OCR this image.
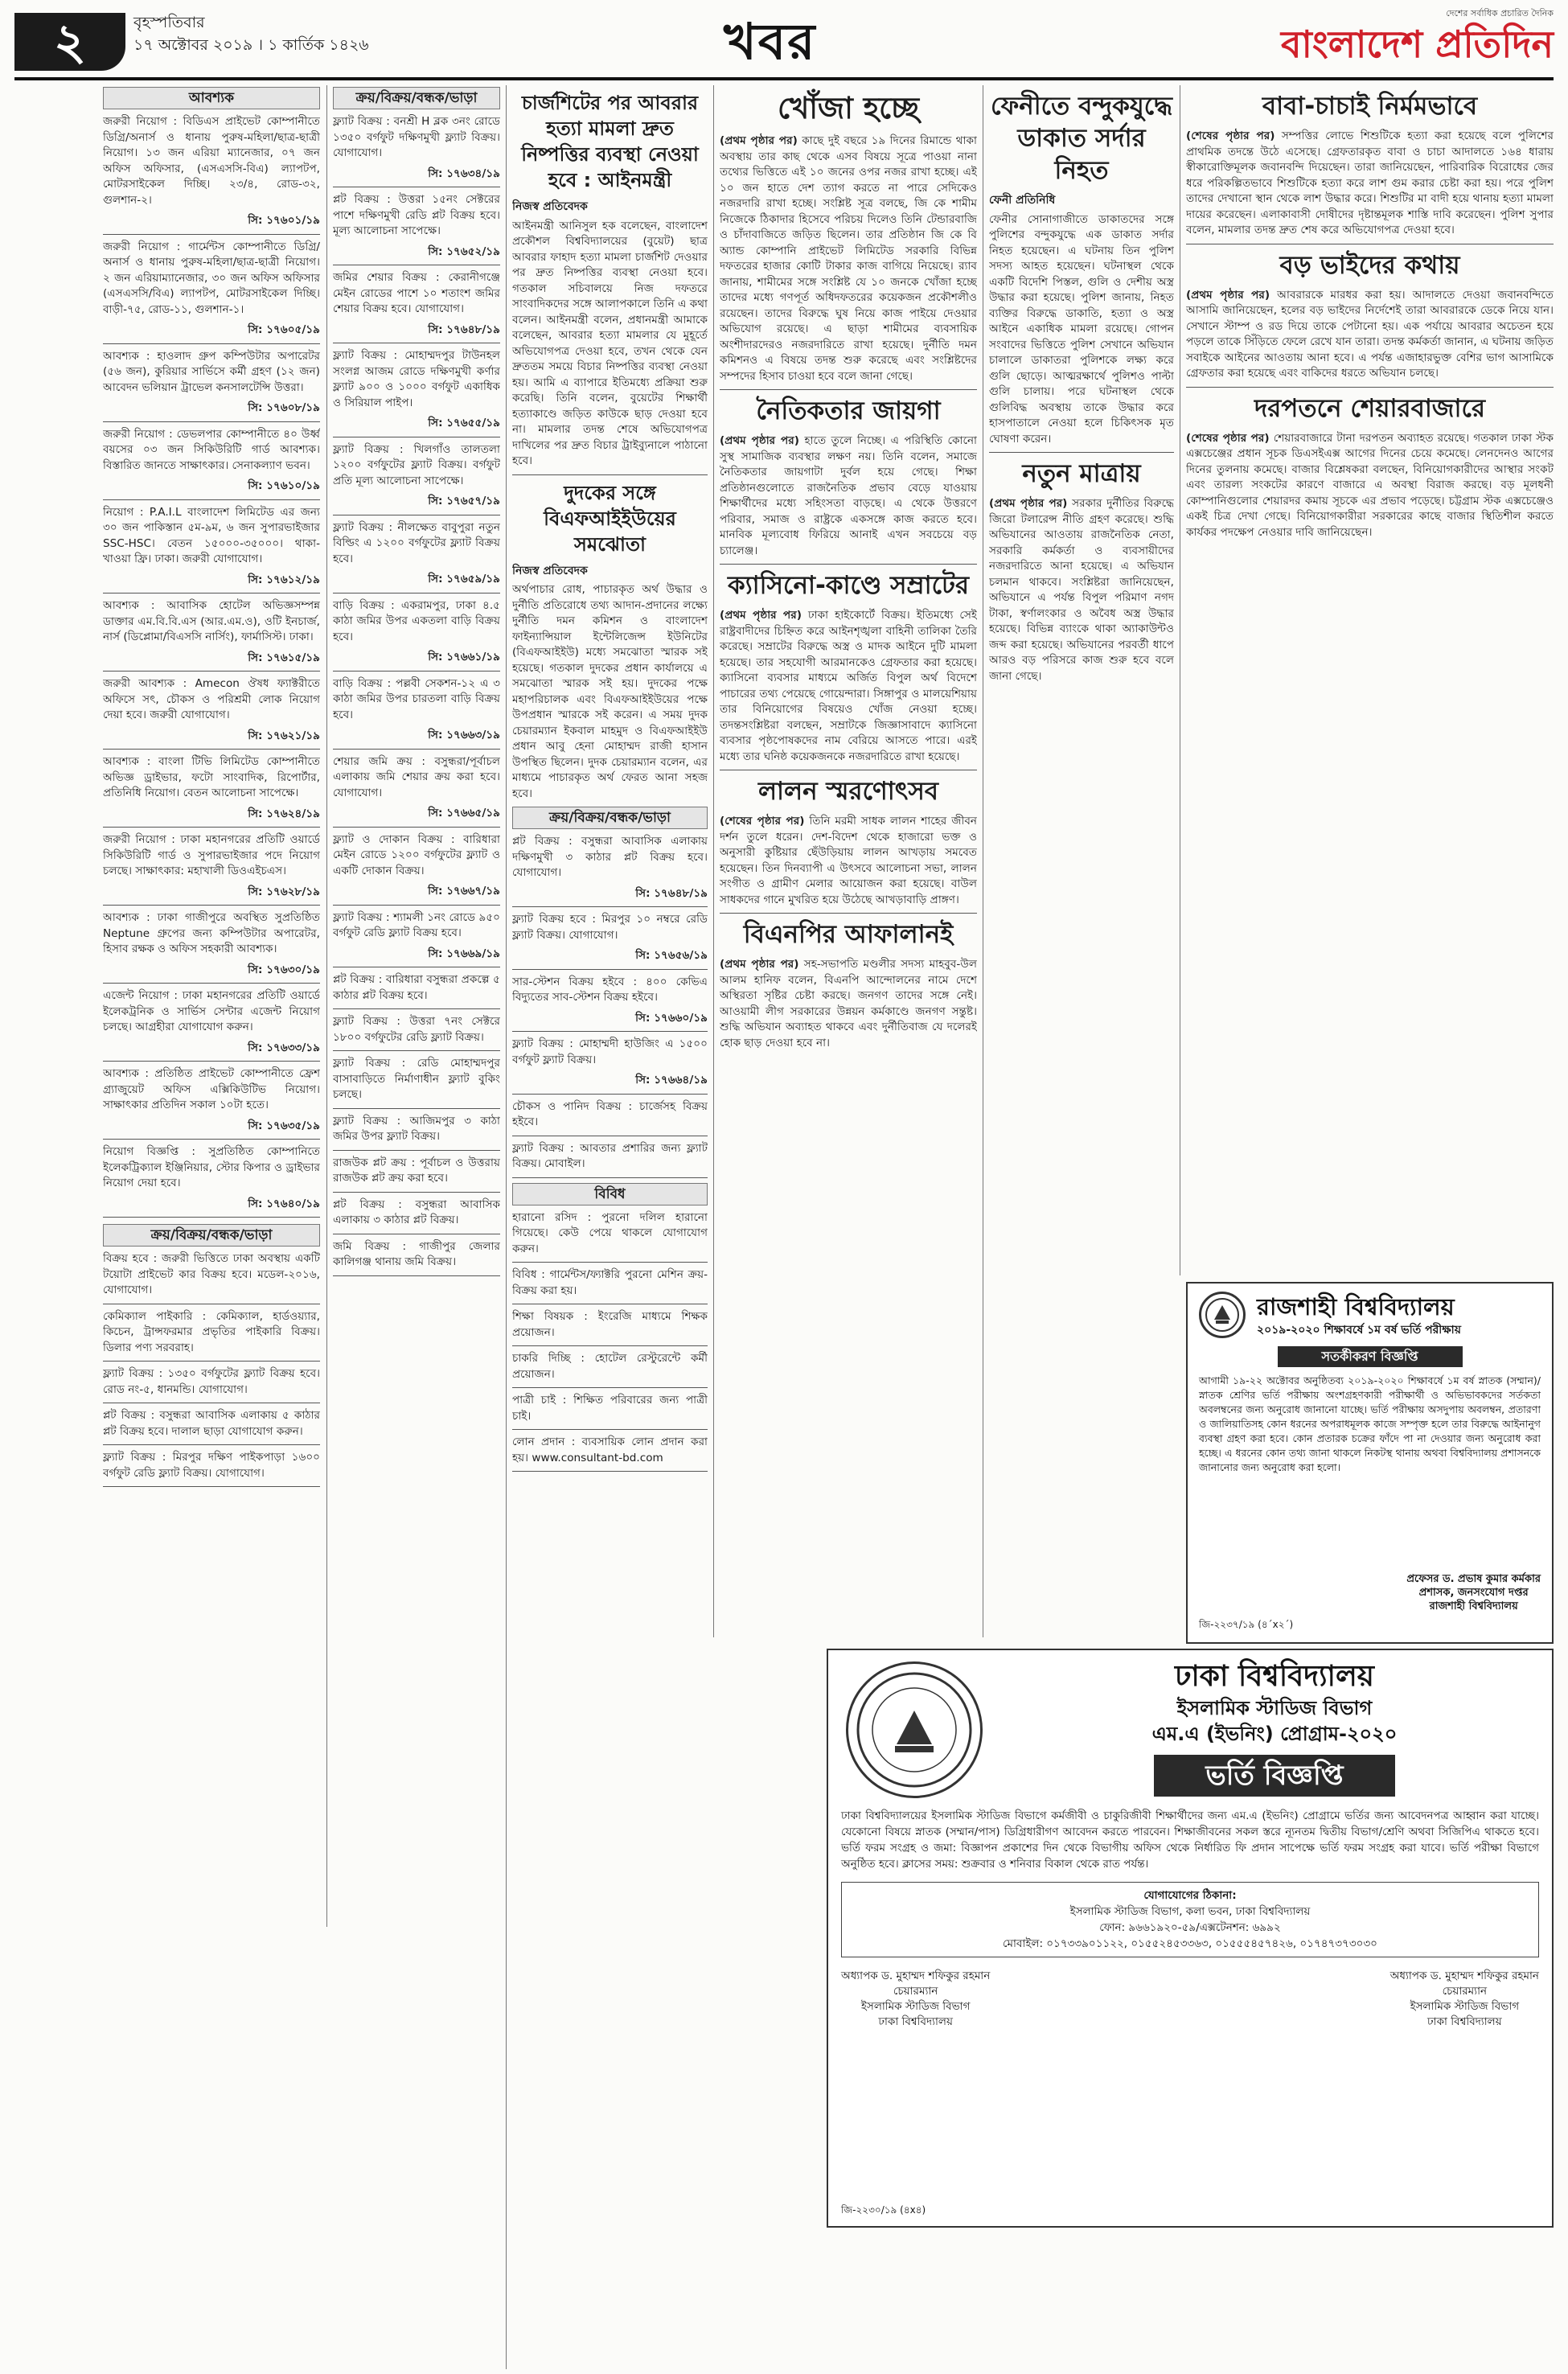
২	বৃহস্পতিবার
১৭ অক্টোবর ২০১৯ । ১ কার্তিক ১৪২৬	খবর	দেশের সর্বাধিক প্রচারিত দৈনিক
বাংলাদেশ প্রতিদিন
আবশ্যক

জরুরী নিয়োগ : বিডিএস প্রাইভেট কোম্পানীতে ডিগ্রি/অনার্স ও ধানায় পুরুষ-মহিলা/ছাত্র-ছাত্রী নিয়োগ। ১৩ জন এরিয়া ম্যানেজার, ০৭ জন অফিস অফিসার, (এসএসসি-বিএ) ল্যাপটপ, মোটরসাইকেল দিচ্ছি। ২৩/৪, রোড-৩২, গুলশান-২।

সি: ১৭৬০১/১৯

জরুরী নিয়োগ : গার্মেন্টস কোম্পানীতে ডিগ্রি/অনার্স ও ধানায় পুরুষ-মহিলা/ছাত্র-ছাত্রী নিয়োগ। ২ জন এরিয়াম্যানেজার, ৩০ জন অফিস অফিসার (এসএসসি/বিএ) ল্যাপটপ, মোটরসাইকেল দিচ্ছি। বাড়ী-৭৫, রোড-১১, গুলশান-১।

সি: ১৭৬০৫/১৯

আবশ্যক : হাওলাদ গ্রুপ কম্পিউটার অপারেটর (৫৬ জন), কুরিয়ার সার্ভিসে কর্মী গ্রহণ (১২ জন) আবেদন ভলিয়ান ট্রাভেল কনসালটেন্সি উত্তরা।

সি: ১৭৬০৮/১৯

জরুরী নিয়োগ : ডেভলপার কোম্পানীতে ৪০ উর্ধ্ব বয়সের ০৩ জন সিকিউরিটি গার্ড আবশ্যক। বিস্তারিত জানতে সাক্ষাৎকার। সেনাকল্যাণ ভবন।

সি: ১৭৬১০/১৯

নিয়োগ : P.A.I.L বাংলাদেশ লিমিটেড এর জন্য ৩০ জন পাকিস্তান ৫ম-৯ম, ৬ জন সুপারভাইজার SSC-HSC। বেতন ১৫০০০-৩৫০০০। থাকা-খাওয়া ফ্রি। ঢাকা। জরুরী যোগাযোগ।

সি: ১৭৬১২/১৯

আবশ্যক : আবাসিক হোটেল অভিজ্ঞসম্পন্ন ডাক্তার এম.বি.বি.এস (আর.এম.ও), ওটি ইনচার্জ, নার্স (ডিপ্লোমা/বিএসসি নার্সিং), ফার্মাসিস্ট। ঢাকা।

সি: ১৭৬১৫/১৯

জরুরী আবশ্যক : Amecon ঔষধ ফ্যাক্টরীতে অফিসে সৎ, চৌকস ও পরিশ্রমী লোক নিয়োগ দেয়া হবে। জরুরী যোগাযোগ।

সি: ১৭৬২১/১৯

আবশ্যক : বাংলা টিভি লিমিটেড কোম্পানীতে অভিজ্ঞ ড্রাইভার, ফটো সাংবাদিক, রিপোর্টার, প্রতিনিধি নিয়োগ। বেতন আলোচনা সাপেক্ষে।

সি: ১৭৬২৪/১৯

জরুরী নিয়োগ : ঢাকা মহানগরের প্রতিটি ওয়ার্ডে সিকিউরিটি গার্ড ও সুপারভাইজার পদে নিয়োগ চলছে। সাক্ষাৎকার: মহাখালী ডিওএইচএস।

সি: ১৭৬২৮/১৯

আবশ্যক : ঢাকা গাজীপুরে অবস্থিত সুপ্রতিষ্ঠিত Neptune গ্রুপের জন্য কম্পিউটার অপারেটর, হিসাব রক্ষক ও অফিস সহকারী আবশ্যক।

সি: ১৭৬৩০/১৯

এজেন্ট নিয়োগ : ঢাকা মহানগরের প্রতিটি ওয়ার্ডে ইলেকট্রনিক ও সার্ভিস সেন্টার এজেন্ট নিয়োগ চলছে। আগ্রহীরা যোগাযোগ করুন।

সি: ১৭৬৩৩/১৯

আবশ্যক : প্রতিষ্ঠিত প্রাইভেট কোম্পানীতে ফ্রেশ গ্র্যাজুয়েট অফিস এক্সিকিউটিভ নিয়োগ। সাক্ষাৎকার প্রতিদিন সকাল ১০টা হতে।

সি: ১৭৬৩৫/১৯

নিয়োগ বিজ্ঞপ্তি : সুপ্রতিষ্ঠিত কোম্পানিতে ইলেকট্রিক্যাল ইঞ্জিনিয়ার, স্টোর কিপার ও ড্রাইভার নিয়োগ দেয়া হবে।

সি: ১৭৬৪০/১৯
ক্রয়/বিক্রয়/বন্ধক/ভাড়া

বিক্রয় হবে : জরুরী ভিত্তিতে ঢাকা অবস্থায় একটি টয়োটা প্রাইভেট কার বিক্রয় হবে। মডেল-২০১৬, যোগাযোগ।

কেমিক্যাল পাইকারি : কেমিক্যাল, হার্ডওয়্যার, কিচেন, ট্রান্সফরমার প্রভৃতির পাইকারি বিক্রয়। ডিলার পণ্য সরবরাহ।

ফ্ল্যাট বিক্রয় : ১৩৫০ বর্গফুটের ফ্ল্যাট বিক্রয় হবে। রোড নং-৫, ধানমন্ডি। যোগাযোগ।

প্লট বিক্রয় : বসুন্ধরা আবাসিক এলাকায় ৫ কাঠার প্লট বিক্রয় হবে। দালাল ছাড়া যোগাযোগ করুন।

ফ্ল্যাট বিক্রয় : মিরপুর দক্ষিণ পাইকপাড়া ১৬০০ বর্গফুট রেডি ফ্ল্যাট বিক্রয়। যোগাযোগ।

ক্রয়/বিক্রয়/বন্ধক/ভাড়া

ফ্ল্যাট বিক্রয় : বনশ্রী H ব্লক ৩নং রোডে ১৩৫০ বর্গফুট দক্ষিণমুখী ফ্ল্যাট বিক্রয়। যোগাযোগ।

সি: ১৭৬৩৪/১৯

প্লট বিক্রয় : উত্তরা ১৫নং সেক্টরের পাশে দক্ষিণমুখী রেডি প্লট বিক্রয় হবে। মূল্য আলোচনা সাপেক্ষে।

সি: ১৭৬৫২/১৯

জমির শেয়ার বিক্রয় : কেরানীগঞ্জে মেইন রোডের পাশে ১০ শতাংশ জমির শেয়ার বিক্রয় হবে। যোগাযোগ।

সি: ১৭৬৪৮/১৯

ফ্ল্যাট বিক্রয় : মোহাম্মদপুর টাউনহল সংলগ্ন আজম রোডে দক্ষিণমুখী কর্ণার ফ্ল্যাট ৯০০ ও ১০০০ বর্গফুট একাধিক ও সিরিয়াল পাইপ।

সি: ১৭৬৫৫/১৯

ফ্ল্যাট বিক্রয় : খিলগাঁও তালতলা ১২০০ বর্গফুটের ফ্ল্যাট বিক্রয়। বর্গফুট প্রতি মূল্য আলোচনা সাপেক্ষে।

সি: ১৭৬৫৭/১৯

ফ্ল্যাট বিক্রয় : নীলক্ষেত বাবুপুরা নতুন বিল্ডিং এ ১২০০ বর্গফুটের ফ্ল্যাট বিক্রয় হবে।

সি: ১৭৬৫৯/১৯

বাড়ি বিক্রয় : একরামপুর, ঢাকা ৪.৫ কাঠা জমির উপর একতলা বাড়ি বিক্রয় হবে।

সি: ১৭৬৬১/১৯

বাড়ি বিক্রয় : পল্লবী সেকশন-১২ এ ৩ কাঠা জমির উপর চারতলা বাড়ি বিক্রয় হবে।

সি: ১৭৬৬৩/১৯

শেয়ার জমি ক্রয় : বসুন্ধরা/পূর্বাচল এলাকায় জমি শেয়ার ক্রয় করা হবে। যোগাযোগ।

সি: ১৭৬৬৫/১৯

ফ্ল্যাট ও দোকান বিক্রয় : বারিধারা মেইন রোডে ১২০০ বর্গফুটের ফ্ল্যাট ও একটি দোকান বিক্রয়।

সি: ১৭৬৬৭/১৯

ফ্ল্যাট বিক্রয় : শ্যামলী ১নং রোডে ৯৫০ বর্গফুট রেডি ফ্ল্যাট বিক্রয় হবে।

সি: ১৭৬৬৯/১৯

প্লট বিক্রয় : বারিধারা বসুন্ধরা প্রকল্পে ৫ কাঠার প্লট বিক্রয় হবে।

ফ্ল্যাট বিক্রয় : উত্তরা ৭নং সেক্টরে ১৮০০ বর্গফুটের রেডি ফ্ল্যাট বিক্রয়।

ফ্ল্যাট বিক্রয় : রেডি মোহাম্মদপুর বাসাবাড়িতে নির্মাণাধীন ফ্ল্যাট বুকিং চলছে।

ফ্ল্যাট বিক্রয় : আজিমপুর ৩ কাঠা জমির উপর ফ্ল্যাট বিক্রয়।

রাজউক প্লট ক্রয় : পূর্বাচল ও উত্তরায় রাজউক প্লট ক্রয় করা হবে।

প্লট বিক্রয় : বসুন্ধরা আবাসিক এলাকায় ৩ কাঠার প্লট বিক্রয়।

জমি বিক্রয় : গাজীপুর জেলার কালিগঞ্জ থানায় জমি বিক্রয়।

চার্জশিটের পর আবরার হত্যা মামলা দ্রুত নিষ্পত্তির ব্যবস্থা নেওয়া হবে : আইনমন্ত্রী
নিজস্ব প্রতিবেদক

আইনমন্ত্রী আনিসুল হক বলেছেন, বাংলাদেশ প্রকৌশল বিশ্ববিদ্যালয়ের (বুয়েট) ছাত্র আবরার ফাহাদ হত্যা মামলা চার্জশিট দেওয়ার পর দ্রুত নিষ্পত্তির ব্যবস্থা নেওয়া হবে। গতকাল সচিবালয়ে নিজ দফতরে সাংবাদিকদের সঙ্গে আলাপকালে তিনি এ কথা বলেন। আইনমন্ত্রী বলেন, প্রধানমন্ত্রী আমাকে বলেছেন, আবরার হত্যা মামলার যে মুহূর্তে অভিযোগপত্র দেওয়া হবে, তখন থেকে যেন দ্রুততম সময়ে বিচার নিষ্পত্তির ব্যবস্থা নেওয়া হয়। আমি এ ব্যাপারে ইতিমধ্যে প্রক্রিয়া শুরু করেছি। তিনি বলেন, বুয়েটের শিক্ষার্থী হত্যাকাণ্ডে জড়িত কাউকে ছাড় দেওয়া হবে না। মামলার তদন্ত শেষে অভিযোগপত্র দাখিলের পর দ্রুত বিচার ট্রাইব্যুনালে পাঠানো হবে।

দুদকের সঙ্গে বিএফআইইউয়ের সমঝোতা
নিজস্ব প্রতিবেদক

অর্থপাচার রোধ, পাচারকৃত অর্থ উদ্ধার ও দুর্নীতি প্রতিরোধে তথ্য আদান-প্রদানের লক্ষ্যে দুর্নীতি দমন কমিশন ও বাংলাদেশ ফাইন্যান্সিয়াল ইন্টেলিজেন্স ইউনিটের (বিএফআইইউ) মধ্যে সমঝোতা স্মারক সই হয়েছে। গতকাল দুদকের প্রধান কার্যালয়ে এ সমঝোতা স্মারক সই হয়। দুদকের পক্ষে মহাপরিচালক এবং বিএফআইইউয়ের পক্ষে উপপ্রধান স্মারকে সই করেন। এ সময় দুদক চেয়ারম্যান ইকবাল মাহমুদ ও বিএফআইইউ প্রধান আবু হেনা মোহাম্মদ রাজী হাসান উপস্থিত ছিলেন। দুদক চেয়ারম্যান বলেন, এর মাধ্যমে পাচারকৃত অর্থ ফেরত আনা সহজ হবে।

ক্রয়/বিক্রয়/বন্ধক/ভাড়া

প্লট বিক্রয় : বসুন্ধরা আবাসিক এলাকায় দক্ষিণমুখী ৩ কাঠার প্লট বিক্রয় হবে। যোগাযোগ।

সি: ১৭৬৪৮/১৯

ফ্ল্যাট বিক্রয় হবে : মিরপুর ১০ নম্বরে রেডি ফ্ল্যাট বিক্রয়। যোগাযোগ।

সি: ১৭৬৫৬/১৯

সার-স্টেশন বিক্রয় হইবে : ৪০০ কেভিএ বিদ্যুতের সাব-স্টেশন বিক্রয় হইবে।

সি: ১৭৬৬০/১৯

ফ্ল্যাট বিক্রয় : মোহাম্মদী হাউজিং এ ১৫০০ বর্গফুট ফ্ল্যাট বিক্রয়।

সি: ১৭৬৬৪/১৯

চৌকস ও পানিদ বিক্রয় : চার্জেসহ বিক্রয় হইবে।

ফ্ল্যাট বিক্রয় : আবতার প্রশারির জন্য ফ্ল্যাট বিক্রয়। মোবাইল।

বিবিধ

হারানো রসিদ : পুরনো দলিল হারানো গিয়েছে। কেউ পেয়ে থাকলে যোগাযোগ করুন।

বিবিধ : গার্মেন্টস/ফ্যাক্টরি পুরনো মেশিন ক্রয়-বিক্রয় করা হয়।

শিক্ষা বিষয়ক : ইংরেজি মাধ্যমে শিক্ষক প্রয়োজন।

চাকরি দিচ্ছি : হোটেল রেস্টুরেন্টে কর্মী প্রয়োজন।

পাত্রী চাই : শিক্ষিত পরিবারের জন্য পাত্রী চাই।

লোন প্রদান : ব্যবসায়িক লোন প্রদান করা হয়। www.consultant-bd.com

খোঁজা হচ্ছে

(প্রথম পৃষ্ঠার পর) কাছে দুই বছরে ১৯ দিনের রিমান্ডে থাকা অবস্থায় তার কাছ থেকে এসব বিষয়ে সূত্রে পাওয়া নানা তথ্যের ভিত্তিতে এই ১০ জনের ওপর নজর রাখা হচ্ছে। এই ১০ জন হাতে দেশ ত্যাগ করতে না পারে সেদিকেও নজরদারি রাখা হচ্ছে। সংশ্লিষ্ট সূত্র বলছে, জি কে শামীম নিজেকে ঠিকাদার হিসেবে পরিচয় দিলেও তিনি টেন্ডারবাজি ও চাঁদাবাজিতে জড়িত ছিলেন। তার প্রতিষ্ঠান জি কে বি অ্যান্ড কোম্পানি প্রাইভেট লিমিটেড সরকারি বিভিন্ন দফতরের হাজার কোটি টাকার কাজ বাগিয়ে নিয়েছে। র‌্যাব জানায়, শামীমের সঙ্গে সংশ্লিষ্ট যে ১০ জনকে খোঁজা হচ্ছে তাদের মধ্যে গণপূর্ত অধিদফতরের কয়েকজন প্রকৌশলীও রয়েছেন। তাদের বিরুদ্ধে ঘুষ নিয়ে কাজ পাইয়ে দেওয়ার অভিযোগ রয়েছে। এ ছাড়া শামীমের ব্যবসায়িক অংশীদারদেরও নজরদারিতে রাখা হয়েছে। দুর্নীতি দমন কমিশনও এ বিষয়ে তদন্ত শুরু করেছে এবং সংশ্লিষ্টদের সম্পদের হিসাব চাওয়া হবে বলে জানা গেছে।

নৈতিকতার জায়গা

(প্রথম পৃষ্ঠার পর) হাতে তুলে নিচ্ছে। এ পরিস্থিতি কোনো সুস্থ সামাজিক ব্যবস্থার লক্ষণ নয়। তিনি বলেন, সমাজে নৈতিকতার জায়গাটা দুর্বল হয়ে গেছে। শিক্ষা প্রতিষ্ঠানগুলোতে রাজনৈতিক প্রভাব বেড়ে যাওয়ায় শিক্ষার্থীদের মধ্যে সহিংসতা বাড়ছে। এ থেকে উত্তরণে পরিবার, সমাজ ও রাষ্ট্রকে একসঙ্গে কাজ করতে হবে। মানবিক মূল্যবোধ ফিরিয়ে আনাই এখন সবচেয়ে বড় চ্যালেঞ্জ।

ক্যাসিনো-কাণ্ডে সম্রাটের

(প্রথম পৃষ্ঠার পর) ঢাকা হাইকোর্টে বিক্রয়। ইতিমধ্যে সেই রাষ্ট্রবাদীদের চিহ্নিত করে আইনশৃঙ্খলা বাহিনী তালিকা তৈরি করেছে। সম্রাটের বিরুদ্ধে অস্ত্র ও মাদক আইনে দুটি মামলা হয়েছে। তার সহযোগী আরমানকেও গ্রেফতার করা হয়েছে। ক্যাসিনো ব্যবসার মাধ্যমে অর্জিত বিপুল অর্থ বিদেশে পাচারের তথ্য পেয়েছে গোয়েন্দারা। সিঙ্গাপুর ও মালয়েশিয়ায় তার বিনিয়োগের বিষয়েও খোঁজ নেওয়া হচ্ছে। তদন্তসংশ্লিষ্টরা বলছেন, সম্রাটকে জিজ্ঞাসাবাদে ক্যাসিনো ব্যবসার পৃষ্ঠপোষকদের নাম বেরিয়ে আসতে পারে। এরই মধ্যে তার ঘনিষ্ঠ কয়েকজনকে নজরদারিতে রাখা হয়েছে।

লালন স্মরণোৎসব

(শেষের পৃষ্ঠার পর) তিনি মরমী সাধক লালন শাহের জীবন দর্শন তুলে ধরেন। দেশ-বিদেশ থেকে হাজারো ভক্ত ও অনুসারী কুষ্টিয়ার ছেঁউড়িয়ায় লালন আখড়ায় সমবেত হয়েছেন। তিন দিনব্যাপী এ উৎসবে আলোচনা সভা, লালন সংগীত ও গ্রামীণ মেলার আয়োজন করা হয়েছে। বাউল সাধকদের গানে মুখরিত হয়ে উঠেছে আখড়াবাড়ি প্রাঙ্গণ।

বিএনপির আফালানই

(প্রথম পৃষ্ঠার পর) সহ-সভাপতি মণ্ডলীর সদস্য মাহবুব-উল আলম হানিফ বলেন, বিএনপি আন্দোলনের নামে দেশে অস্থিরতা সৃষ্টির চেষ্টা করছে। জনগণ তাদের সঙ্গে নেই। আওয়ামী লীগ সরকারের উন্নয়ন কর্মকাণ্ডে জনগণ সন্তুষ্ট। শুদ্ধি অভিযান অব্যাহত থাকবে এবং দুর্নীতিবাজ যে দলেরই হোক ছাড় দেওয়া হবে না।

ফেনীতে বন্দুকযুদ্ধে ডাকাত সর্দার নিহত
ফেনী প্রতিনিধি

ফেনীর সোনাগাজীতে ডাকাতদের সঙ্গে পুলিশের বন্দুকযুদ্ধে এক ডাকাত সর্দার নিহত হয়েছেন। এ ঘটনায় তিন পুলিশ সদস্য আহত হয়েছেন। ঘটনাস্থল থেকে একটি বিদেশি পিস্তল, গুলি ও দেশীয় অস্ত্র উদ্ধার করা হয়েছে। পুলিশ জানায়, নিহত ব্যক্তির বিরুদ্ধে ডাকাতি, হত্যা ও অস্ত্র আইনে একাধিক মামলা রয়েছে। গোপন সংবাদের ভিত্তিতে পুলিশ সেখানে অভিযান চালালে ডাকাতরা পুলিশকে লক্ষ্য করে গুলি ছোড়ে। আত্মরক্ষার্থে পুলিশও পাল্টা গুলি চালায়। পরে ঘটনাস্থল থেকে গুলিবিদ্ধ অবস্থায় তাকে উদ্ধার করে হাসপাতালে নেওয়া হলে চিকিৎসক মৃত ঘোষণা করেন।

নতুন মাত্রায়

(প্রথম পৃষ্ঠার পর) সরকার দুর্নীতির বিরুদ্ধে জিরো টলারেন্স নীতি গ্রহণ করেছে। শুদ্ধি অভিযানের আওতায় রাজনৈতিক নেতা, সরকারি কর্মকর্তা ও ব্যবসায়ীদের নজরদারিতে আনা হয়েছে। এ অভিযান চলমান থাকবে। সংশ্লিষ্টরা জানিয়েছেন, অভিযানে এ পর্যন্ত বিপুল পরিমাণ নগদ টাকা, স্বর্ণালংকার ও অবৈধ অস্ত্র উদ্ধার হয়েছে। বিভিন্ন ব্যাংকে থাকা অ্যাকাউন্টও জব্দ করা হয়েছে। অভিযানের পরবর্তী ধাপে আরও বড় পরিসরে কাজ শুরু হবে বলে জানা গেছে।

বাবা-চাচাই নির্মমভাবে

(শেষের পৃষ্ঠার পর) সম্পত্তির লোভে শিশুটিকে হত্যা করা হয়েছে বলে পুলিশের প্রাথমিক তদন্তে উঠে এসেছে। গ্রেফতারকৃত বাবা ও চাচা আদালতে ১৬৪ ধারায় স্বীকারোক্তিমূলক জবানবন্দি দিয়েছেন। তারা জানিয়েছেন, পারিবারিক বিরোধের জের ধরে পরিকল্পিতভাবে শিশুটিকে হত্যা করে লাশ গুম করার চেষ্টা করা হয়। পরে পুলিশ তাদের দেখানো স্থান থেকে লাশ উদ্ধার করে। শিশুটির মা বাদী হয়ে থানায় হত্যা মামলা দায়ের করেছেন। এলাকাবাসী দোষীদের দৃষ্টান্তমূলক শাস্তি দাবি করেছেন। পুলিশ সুপার বলেন, মামলার তদন্ত দ্রুত শেষ করে অভিযোগপত্র দেওয়া হবে।

বড় ভাইদের কথায়

(প্রথম পৃষ্ঠার পর) আবরারকে মারধর করা হয়। আদালতে দেওয়া জবানবন্দিতে আসামি জানিয়েছেন, হলের বড় ভাইদের নির্দেশেই তারা আবরারকে ডেকে নিয়ে যান। সেখানে স্টাম্প ও রড দিয়ে তাকে পেটানো হয়। এক পর্যায়ে আবরার অচেতন হয়ে পড়লে তাকে সিঁড়িতে ফেলে রেখে যান তারা। তদন্ত কর্মকর্তা জানান, এ ঘটনায় জড়িত সবাইকে আইনের আওতায় আনা হবে। এ পর্যন্ত এজাহারভুক্ত বেশির ভাগ আসামিকে গ্রেফতার করা হয়েছে এবং বাকিদের ধরতে অভিযান চলছে।

দরপতনে শেয়ারবাজারে

(শেষের পৃষ্ঠার পর) শেয়ারবাজারে টানা দরপতন অব্যাহত রয়েছে। গতকাল ঢাকা স্টক এক্সচেঞ্জের প্রধান সূচক ডিএসইএক্স আগের দিনের চেয়ে কমেছে। লেনদেনও আগের দিনের তুলনায় কমেছে। বাজার বিশ্লেষকরা বলছেন, বিনিয়োগকারীদের আস্থার সংকট এবং তারল্য সংকটের কারণে বাজারে এ অবস্থা বিরাজ করছে। বড় মূলধনী কোম্পানিগুলোর শেয়ারদর কমায় সূচকে এর প্রভাব পড়েছে। চট্টগ্রাম স্টক এক্সচেঞ্জেও একই চিত্র দেখা গেছে। বিনিয়োগকারীরা সরকারের কাছে বাজার স্থিতিশীল করতে কার্যকর পদক্ষেপ নেওয়ার দাবি জানিয়েছেন।

রাজশাহী বিশ্ববিদ্যালয়
২০১৯-২০২০ শিক্ষাবর্ষে ১ম বর্ষ ভর্তি পরীক্ষায়
সতর্কীকরণ বিজ্ঞপ্তি
আগামী ১৯-২২ অক্টোবর অনুষ্ঠিতব্য ২০১৯-২০২০ শিক্ষাবর্ষে ১ম বর্ষ স্নাতক (সম্মান)/স্নাতক শ্রেণির ভর্তি পরীক্ষায় অংশগ্রহণকারী পরীক্ষার্থী ও অভিভাবকদের সর্তকতা অবলম্বনের জন্য অনুরোধ জানানো যাচ্ছে। ভর্তি পরীক্ষায় অসদুপায় অবলম্বন, প্রতারণা ও জালিয়াতিসহ কোন ধরনের অপরাধমূলক কাজে সম্পৃক্ত হলে তার বিরুদ্ধে আইনানুগ ব্যবস্থা গ্রহণ করা হবে। কোন প্রতারক চক্রের ফাঁদে পা না দেওয়ার জন্য অনুরোধ করা হচ্ছে। এ ধরনের কোন তথ্য জানা থাকলে নিকটস্থ থানায় অথবা বিশ্ববিদ্যালয় প্রশাসনকে জানানোর জন্য অনুরোধ করা হলো।
প্রফেসর ড. প্রভাষ কুমার কর্মকার
প্রশাসক, জনসংযোগ দপ্তর
রাজশাহী বিশ্ববিদ্যালয়
জি-২২৩৭/১৯ (৪´x২´)
ঢাকা বিশ্ববিদ্যালয়
ইসলামিক স্টাডিজ বিভাগ
এম.এ (ইভনিং) প্রোগ্রাম-২০২০
ভর্তি বিজ্ঞপ্তি
ঢাকা বিশ্ববিদ্যালয়ের ইসলামিক স্টাডিজ বিভাগে কর্মজীবী ও চাকুরিজীবী শিক্ষার্থীদের জন্য এম.এ (ইভনিং) প্রোগ্রামে ভর্তির জন্য আবেদনপত্র আহ্বান করা যাচ্ছে। যেকোনো বিষয়ে স্নাতক (সম্মান/পাস) ডিগ্রিধারীগণ আবেদন করতে পারবেন। শিক্ষাজীবনের সকল স্তরে ন্যূনতম দ্বিতীয় বিভাগ/শ্রেণি অথবা সিজিপিএ থাকতে হবে। ভর্তি ফরম সংগ্রহ ও জমা: বিজ্ঞাপন প্রকাশের দিন থেকে বিভাগীয় অফিস থেকে নির্ধারিত ফি প্রদান সাপেক্ষে ভর্তি ফরম সংগ্রহ করা যাবে। ভর্তি পরীক্ষা বিভাগে অনুষ্ঠিত হবে। ক্লাসের সময়: শুক্রবার ও শনিবার বিকাল থেকে রাত পর্যন্ত।
যোগাযোগের ঠিকানা:
ইসলামিক স্টাডিজ বিভাগ, কলা ভবন, ঢাকা বিশ্ববিদ্যালয়
ফোন: ৯৬৬১৯২০-৫৯/এক্সটেনশন: ৬৯৯২
মোবাইল: ০১৭৩৩৯০১১২২, ০১৫৫২৪৫৩৩৬৩, ০১৫৫৫৪৫৭৪২৬, ০১৭৪৭৩৭৩০৩০
অধ্যাপক ড. মুহাম্মদ শফিকুর রহমান
চেয়ারম্যান
ইসলামিক স্টাডিজ বিভাগ
ঢাকা বিশ্ববিদ্যালয়
অধ্যাপক ড. মুহাম্মদ শফিকুর রহমান
চেয়ারম্যান
ইসলামিক স্টাডিজ বিভাগ
ঢাকা বিশ্ববিদ্যালয়
জি-২২৩০/১৯ (৪x৪)
